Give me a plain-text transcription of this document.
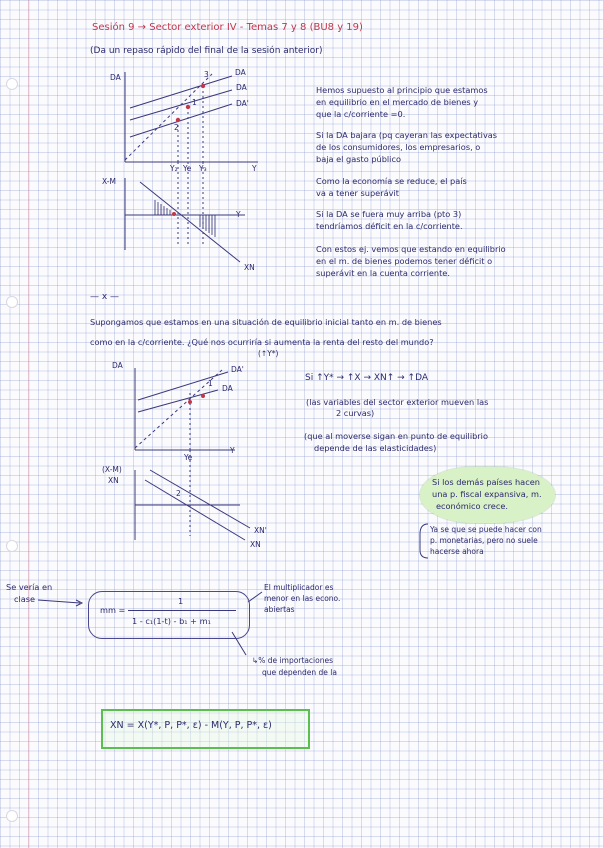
Sesión 9 → Sector exterior IV - Temas 7 y 8 (BU8 y 19)
(Da un repaso rápido del final de la sesión anterior)
DA
Y
DA
DA
DA'
1
2
3
Y₂ Ye Y₃
X-M
Y
XN
Hemos supuesto al principio que estamos
en equilibrio en el mercado de bienes y
que la c/corriente =0.
Si la DA bajara (pq cayeran las expectativas
de los consumidores, los empresarios, o
baja el gasto público
Como la economía se reduce, el país
va a tener superávit
Si la DA se fuera muy arriba (pto 3)
tendríamos déficit en la c/corriente.
Con estos ej. vemos que estando en equilibrio
en el m. de bienes podemos tener déficit o
superávit en la cuenta corriente.
— x —
Supongamos que estamos en una situación de equilibrio inicial tanto en m. de bienes
como en la c/corriente. ¿Qué nos ocurriría si aumenta la renta del resto del mundo?
(↑Y*)
DA
Y
DA'
DA
1
2
Ye
(X-M)
XN
XN'
XN
Si ↑Y* → ↑X → XN↑ → ↑DA
(las variables del sector exterior mueven las
2 curvas)
(que al moverse sigan en punto de equilibrio
depende de las elasticidades)
Si los demás países hacen
una p. fiscal expansiva, m.
económico crece.
Ya se que se puede hacer con
p. monetarias, pero no suele
hacerse ahora
Se vería en
clase
mm =
1
1 - c₁(1-t) - b₁ + m₁
El multiplicador es
menor en las econo.
abiertas
↳% de importaciones
que dependen de la
XN = X(Y*, P, P*, ε) - M(Y, P, P*, ε)
